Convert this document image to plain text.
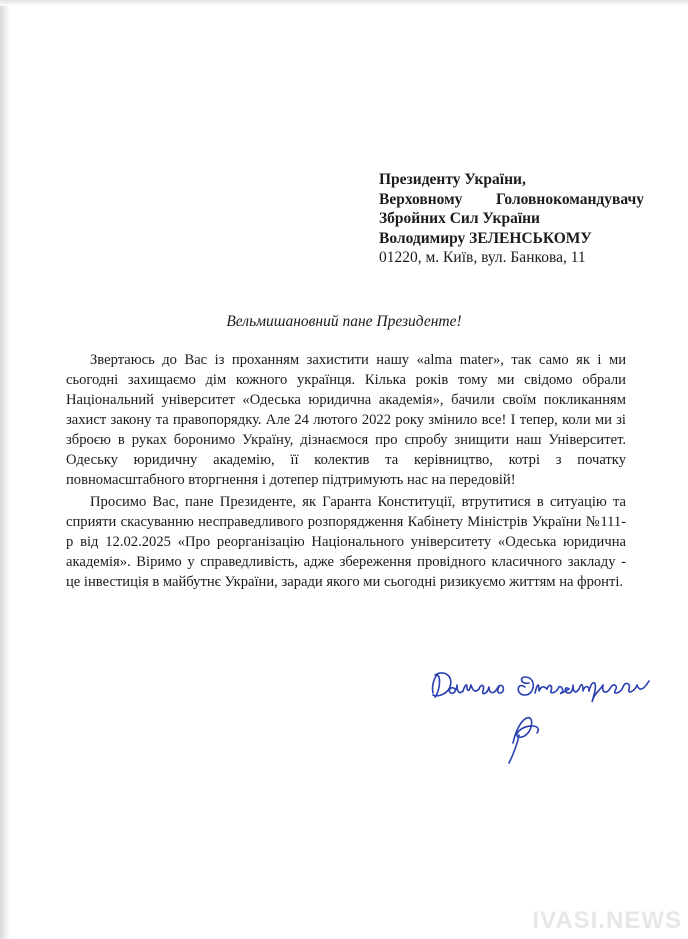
Президенту України,
Верховному Головнокомандувачу
Збройних Сил України
Володимиру ЗЕЛЕНСЬКОМУ
01220, м. Київ, вул. Банкова, 11
Вельмишановний пане Президенте!

Звертаюсь до Вас із проханням захистити нашу «alma mater», так само як і ми сьогодні захищаємо дім кожного українця. Кілька років тому ми свідомо обрали Національний університет «Одеська юридична академія», бачили своїм покликанням захист закону та правопорядку. Але 24 лютого 2022 року змінило все! І тепер, коли ми зі зброєю в руках боронимо Україну, дізнаємося про спробу знищити наш Університет. Одеську юридичну академію, її колектив та керівництво, котрі з початку повномасштабного вторгнення і дотепер підтримують нас на передовій!

Просимо Вас, пане Президенте, як Гаранта Конституції, втрутитися в ситуацію та сприяти скасуванню несправедливого розпорядження Кабінету Міністрів України №111-р від 12.02.2025 «Про реорганізацію Національного університету «Одеська юридична академія». Віримо у справедливість, адже збереження провідного класичного закладу - це інвестиція в майбутнє України, заради якого ми сьогодні ризикуємо життям на фронті.

IVASI.NEWS
